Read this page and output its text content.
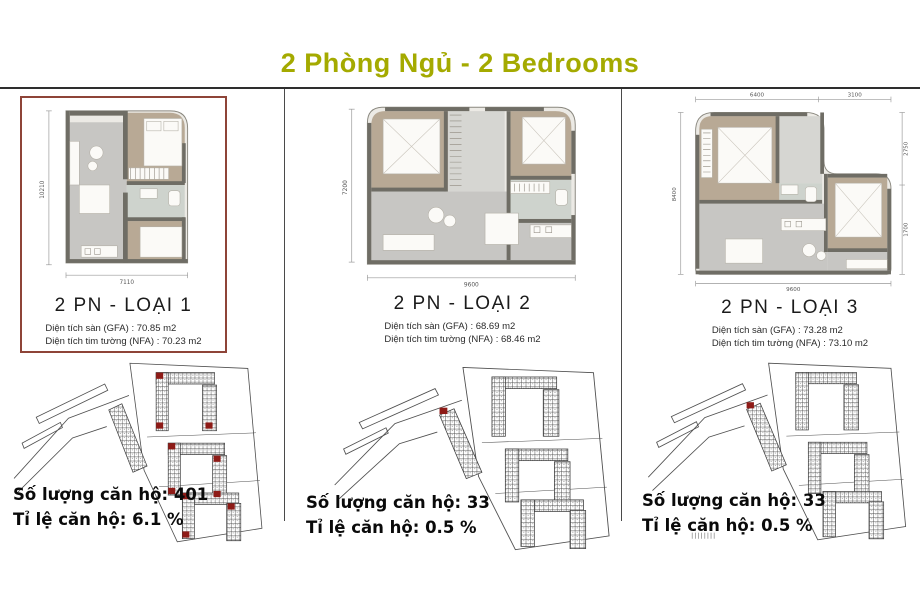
2 Phòng Ngủ - 2 Bedrooms
10210
7110
2 PN - LOẠI 1
Diện tích sàn (GFA) : 70.85 m2
Diện tích tim tường (NFA) : 70.23 m2
Số lượng căn hộ: 401
Tỉ lệ căn hộ: 6.1 %
7200
9600
2 PN - LOẠI 2
Diện tích sàn (GFA) : 68.69 m2
Diện tích tim tường (NFA) : 68.46 m2
Số lượng căn hộ: 33
Tỉ lệ căn hộ: 0.5 %
6400	3100
8400
2750
1700
9600
2 PN - LOẠI 3
Diện tích sàn (GFA) : 73.28 m2
Diện tích tim tường (NFA) : 73.10 m2
Số lượng căn hộ: 33
Tỉ lệ căn hộ: 0.5 %
